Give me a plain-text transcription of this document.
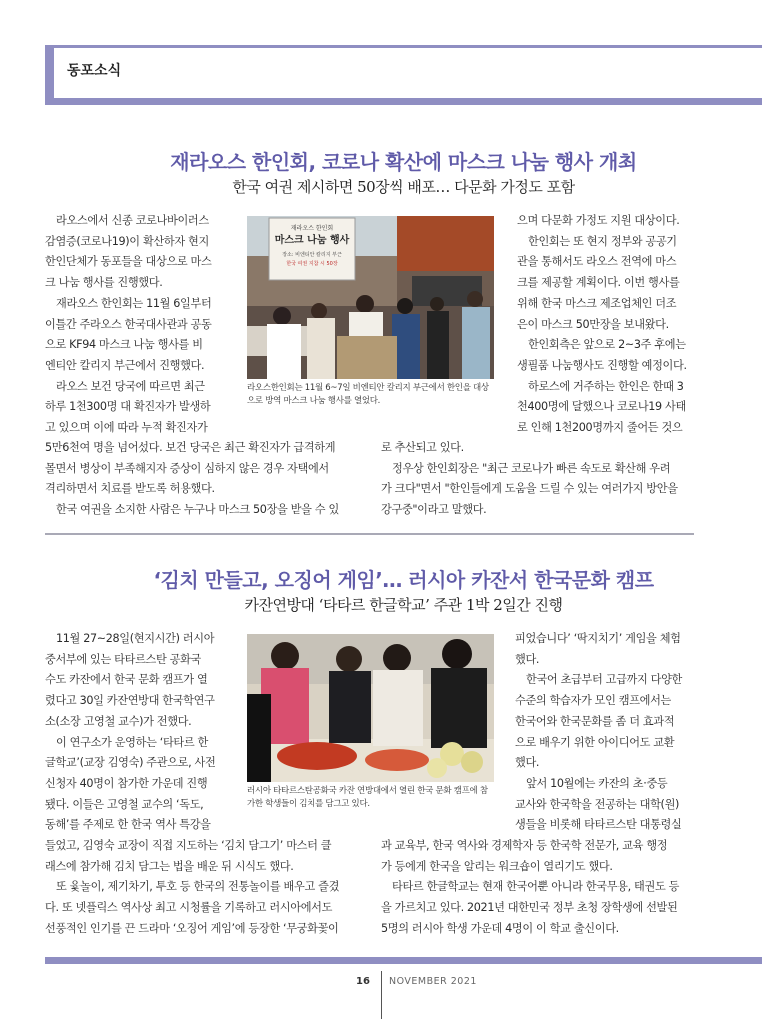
동포소식
재라오스 한인회, 코로나 확산에 마스크 나눔 행사 개최
한국 여권 제시하면 50장씩 배포… 다문화 가정도 포함
라오스에서 신종 코로나바이러스
감염증(코로나19)이 확산하자 현지
한인단체가 동포들을 대상으로 마스
크 나눔 행사를 진행했다.
재라오스 한인회는 11월 6일부터
이틀간 주라오스 한국대사관과 공동
으로 KF94 마스크 나눔 행사를 비
엔티안 칼리지 부근에서 진행했다.
라오스 보건 당국에 따르면 최근
하루 1천300명 대 확진자가 발생하
고 있으며 이에 따라 누적 확진자가
5만6천여 명을 넘어섰다. 보건 당국은 최근 확진자가 급격하게
몰면서 병상이 부족해지자 증상이 심하지 않은 경우 자택에서
격리하면서 치료를 받도록 허용했다.
한국 여권을 소지한 사람은 누구나 마스크 50장을 받을 수 있
재라오스 한인회
마스크 나눔 행사
장소: 비엔티안 칼리지 부근
한국 여권 지참 시 50장
라오스한인회는 11월 6~7일 비엔티안 칼리지 부근에서 한인을 대상
으로 방역 마스크 나눔 행사를 열었다.
으며 다문화 가정도 지원 대상이다.
한인회는 또 현지 정부와 공공기
관을 통해서도 라오스 전역에 마스
크를 제공할 계획이다. 이번 행사를
위해 한국 마스크 제조업체인 더조
은이 마스크 50만장을 보내왔다.
한인회측은 앞으로 2~3주 후에는
생필품 나눔행사도 진행할 예정이다.
하로스에 거주하는 한인은 한때 3
천400명에 달했으나 코로나19 사태
로 인해 1천200명까지 줄어든 것으
로 추산되고 있다.
정우상 한인회장은 "최근 코로나가 빠른 속도로 확산해 우려
가 크다"면서 "한인들에게 도움을 드릴 수 있는 여러가지 방안을
강구중"이라고 말했다.
‘김치 만들고, 오징어 게임’… 러시아 카잔서 한국문화 캠프
카잔연방대 ‘타타르 한글학교’ 주관 1박 2일간 진행
11월 27~28일(현지시간) 러시아
중서부에 있는 타타르스탄 공화국
수도 카잔에서 한국 문화 캠프가 열
렸다고 30일 카잔연방대 한국학연구
소(소장 고영철 교수)가 전했다.
이 연구소가 운영하는 ‘타타르 한
글학교’(교장 김영숙) 주관으로, 사전
신청자 40명이 참가한 가운데 진행
됐다. 이들은 고영철 교수의 ‘독도,
동해’를 주제로 한 한국 역사 특강을
들었고, 김영숙 교장이 직접 지도하는 ‘김치 담그기’ 마스터 클
래스에 참가해 김치 담그는 법을 배운 뒤 시식도 했다.
또 윷놀이, 제기차기, 투호 등 한국의 전통놀이를 배우고 즐겼
다. 또 넷플릭스 역사상 최고 시청률을 기록하고 러시아에서도
선풍적인 인기를 끈 드라마 ‘오징어 게임’에 등장한 ‘무궁화꽃이
러시아 타타르스탄공화국 카잔 연방대에서 열린 한국 문화 캠프에 참
가한 학생들이 김치를 담그고 있다.
피었습니다’ ‘딱지치기’ 게임을 체험
했다.
한국어 초급부터 고급까지 다양한
수준의 학습자가 모인 캠프에서는
한국어와 한국문화를 좀 더 효과적
으로 배우기 위한 아이디어도 교환
했다.
앞서 10월에는 카잔의 초·중등
교사와 한국학을 전공하는 대학(원)
생들을 비롯해 타타르스탄 대통령실
과 교육부, 한국 역사와 경제학자 등 한국학 전문가, 교육 행정
가 등에게 한국을 알리는 워크숍이 열리기도 했다.
타타르 한글학교는 현재 한국어뿐 아니라 한국무용, 태권도 등
을 가르치고 있다. 2021년 대한민국 정부 초청 장학생에 선발된
5명의 러시아 학생 가운데 4명이 이 학교 출신이다.
16 NOVEMBER 2021
